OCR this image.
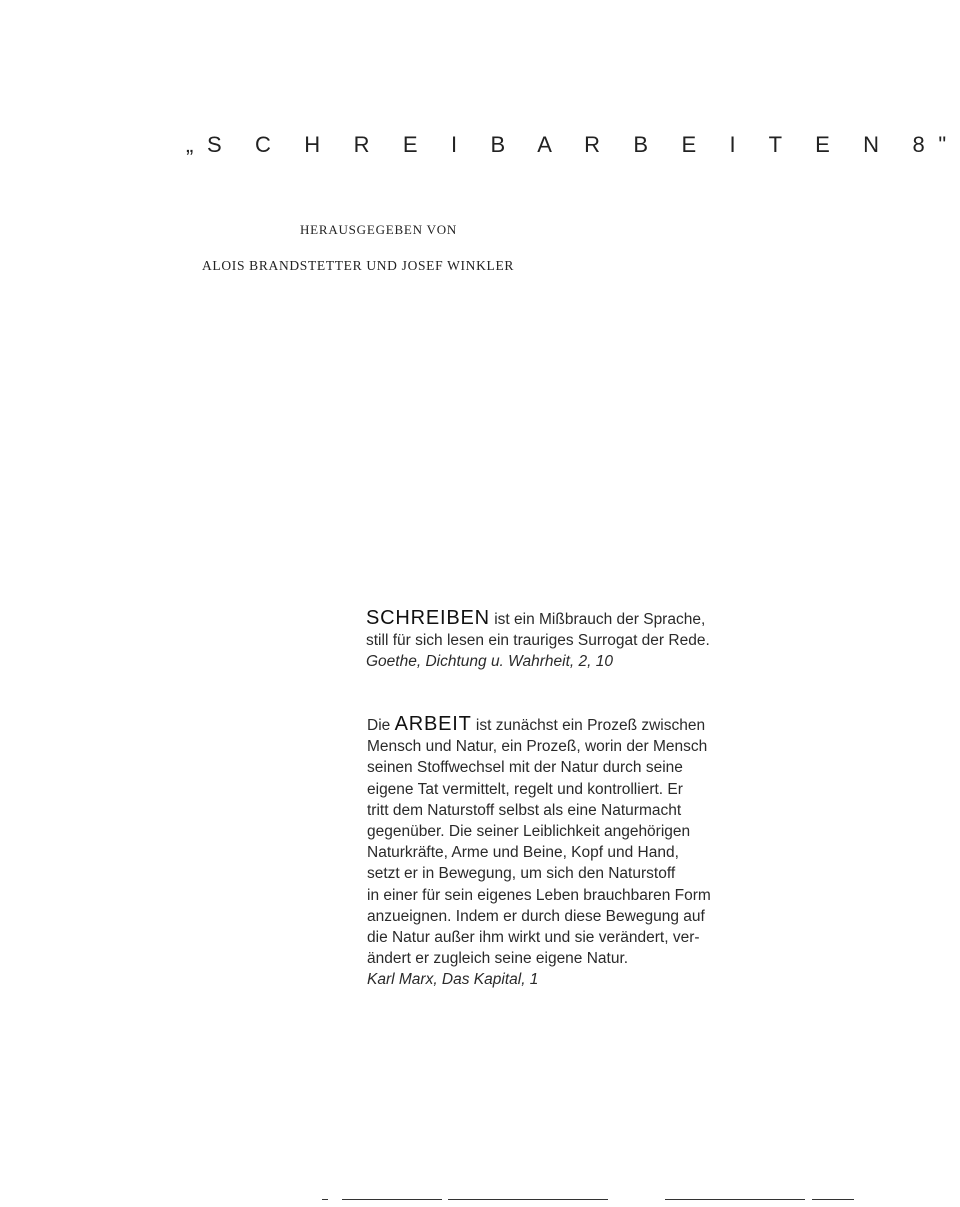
„S C H R E I B A R B E I T E N 8"
HERAUSGEGEBEN VON
ALOIS BRANDSTETTER UND JOSEF WINKLER
SCHREIBEN ist ein Mißbrauch der Sprache,
still für sich lesen ein trauriges Surrogat der Rede.
Goethe, Dichtung u. Wahrheit, 2, 10
Die ARBEIT ist zunächst ein Prozeß zwischen
Mensch und Natur, ein Prozeß, worin der Mensch
seinen Stoffwechsel mit der Natur durch seine
eigene Tat vermittelt, regelt und kontrolliert. Er
tritt dem Naturstoff selbst als eine Naturmacht
gegenüber. Die seiner Leiblichkeit angehörigen
Naturkräfte, Arme und Beine, Kopf und Hand,
setzt er in Bewegung, um sich den Naturstoff
in einer für sein eigenes Leben brauchbaren Form
anzueignen. Indem er durch diese Bewegung auf
die Natur außer ihm wirkt und sie verändert, ver-
ändert er zugleich seine eigene Natur.
Karl Marx, Das Kapital, 1
